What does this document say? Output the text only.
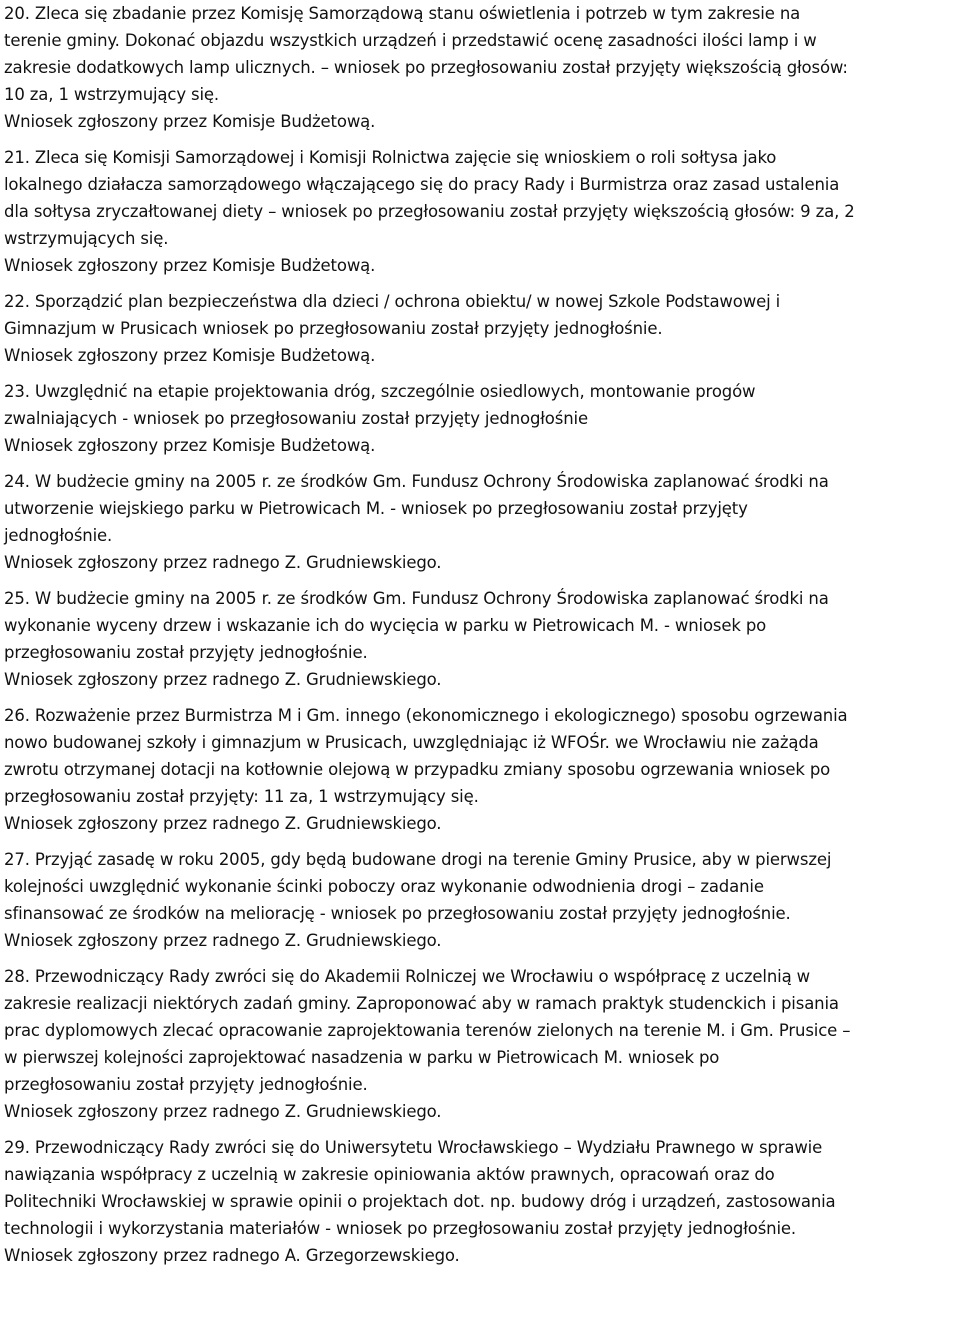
20. Zleca się zbadanie przez Komisję Samorządową stanu oświetlenia i potrzeb w tym zakresie na
terenie gminy. Dokonać objazdu wszystkich urządzeń i przedstawić ocenę zasadności ilości lamp i w
zakresie dodatkowych lamp ulicznych. – wniosek po przegłosowaniu został przyjęty większością głosów:
10 za, 1 wstrzymujący się.
Wniosek zgłoszony przez Komisje Budżetową.
21. Zleca się Komisji Samorządowej i Komisji Rolnictwa zajęcie się wnioskiem o roli sołtysa jako
lokalnego działacza samorządowego włączającego się do pracy Rady i Burmistrza oraz zasad ustalenia
dla sołtysa zryczałtowanej diety – wniosek po przegłosowaniu został przyjęty większością głosów: 9 za, 2
wstrzymujących się.
Wniosek zgłoszony przez Komisje Budżetową.
22. Sporządzić plan bezpieczeństwa dla dzieci / ochrona obiektu/ w nowej Szkole Podstawowej i
Gimnazjum w Prusicach wniosek po przegłosowaniu został przyjęty jednogłośnie.
Wniosek zgłoszony przez Komisje Budżetową.
23. Uwzględnić na etapie projektowania dróg, szczególnie osiedlowych, montowanie progów
zwalniających - wniosek po przegłosowaniu został przyjęty jednogłośnie
Wniosek zgłoszony przez Komisje Budżetową.
24. W budżecie gminy na 2005 r. ze środków Gm. Fundusz Ochrony Środowiska zaplanować środki na
utworzenie wiejskiego parku w Pietrowicach M. - wniosek po przegłosowaniu został przyjęty
jednogłośnie.
Wniosek zgłoszony przez radnego Z. Grudniewskiego.
25. W budżecie gminy na 2005 r. ze środków Gm. Fundusz Ochrony Środowiska zaplanować środki na
wykonanie wyceny drzew i wskazanie ich do wycięcia w parku w Pietrowicach M. - wniosek po
przegłosowaniu został przyjęty jednogłośnie.
Wniosek zgłoszony przez radnego Z. Grudniewskiego.
26. Rozważenie przez Burmistrza M i Gm. innego (ekonomicznego i ekologicznego) sposobu ogrzewania
nowo budowanej szkoły i gimnazjum w Prusicach, uwzględniając iż WFOŚr. we Wrocławiu nie zażąda
zwrotu otrzymanej dotacji na kotłownie olejową w przypadku zmiany sposobu ogrzewania wniosek po
przegłosowaniu został przyjęty: 11 za, 1 wstrzymujący się.
Wniosek zgłoszony przez radnego Z. Grudniewskiego.
27. Przyjąć zasadę w roku 2005, gdy będą budowane drogi na terenie Gminy Prusice, aby w pierwszej
kolejności uwzględnić wykonanie ścinki poboczy oraz wykonanie odwodnienia drogi – zadanie
sfinansować ze środków na meliorację - wniosek po przegłosowaniu został przyjęty jednogłośnie.
Wniosek zgłoszony przez radnego Z. Grudniewskiego.
28. Przewodniczący Rady zwróci się do Akademii Rolniczej we Wrocławiu o współpracę z uczelnią w
zakresie realizacji niektórych zadań gminy. Zaproponować aby w ramach praktyk studenckich i pisania
prac dyplomowych zlecać opracowanie zaprojektowania terenów zielonych na terenie M. i Gm. Prusice –
w pierwszej kolejności zaprojektować nasadzenia w parku w Pietrowicach M. wniosek po
przegłosowaniu został przyjęty jednogłośnie.
Wniosek zgłoszony przez radnego Z. Grudniewskiego.
29. Przewodniczący Rady zwróci się do Uniwersytetu Wrocławskiego – Wydziału Prawnego w sprawie
nawiązania współpracy z uczelnią w zakresie opiniowania aktów prawnych, opracowań oraz do
Politechniki Wrocławskiej w sprawie opinii o projektach dot. np. budowy dróg i urządzeń, zastosowania
technologii i wykorzystania materiałów - wniosek po przegłosowaniu został przyjęty jednogłośnie.
Wniosek zgłoszony przez radnego A. Grzegorzewskiego.
